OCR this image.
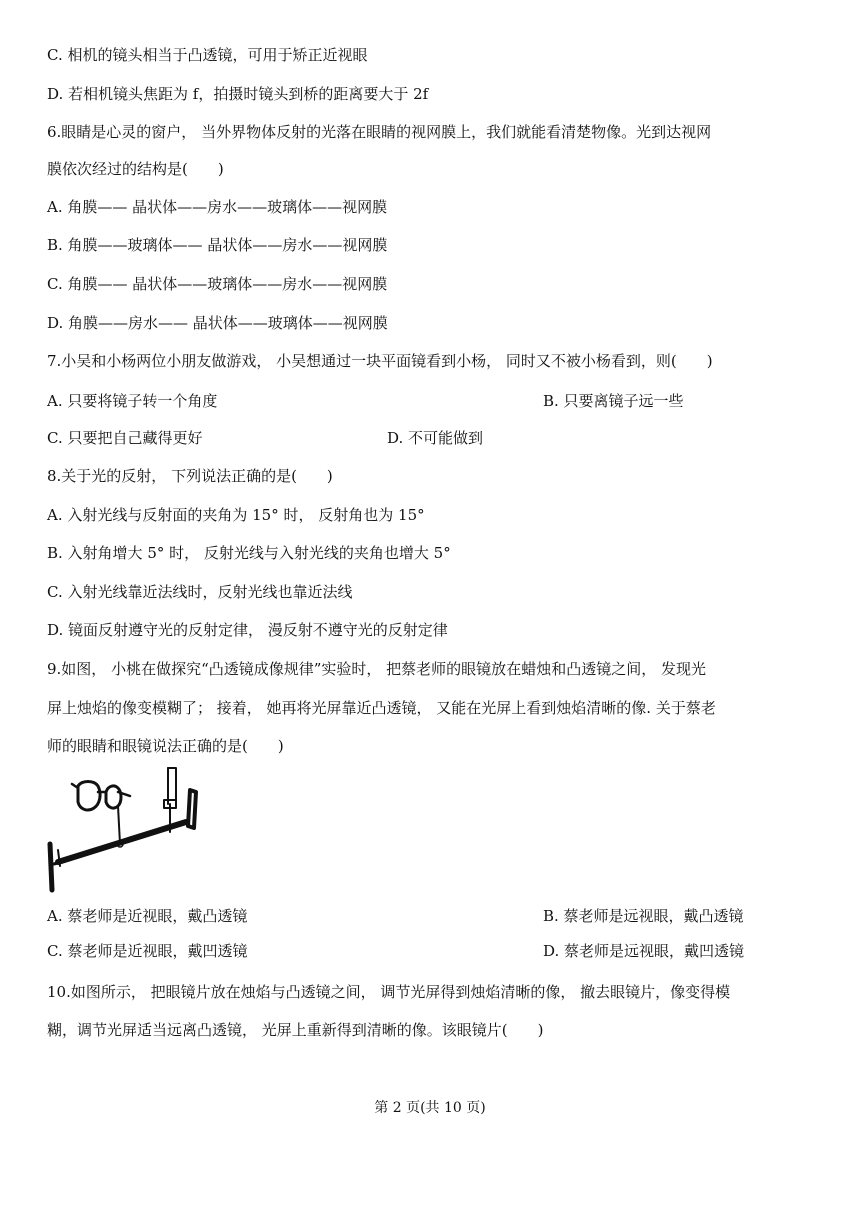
C. 相机的镜头相当于凸透镜，可用于矫正近视眼
D. 若相机镜头焦距为 f，拍摄时镜头到桥的距离要大于 2f
6.眼睛是心灵的窗户， 当外界物体反射的光落在眼睛的视网膜上，我们就能看清楚物像。光到达视网
膜依次经过的结构是(　　)
A. 角膜—— 晶状体——房水——玻璃体——视网膜
B. 角膜——玻璃体—— 晶状体——房水——视网膜
C. 角膜—— 晶状体——玻璃体——房水——视网膜
D. 角膜——房水—— 晶状体——玻璃体——视网膜
7.小吴和小杨两位小朋友做游戏， 小吴想通过一块平面镜看到小杨， 同时又不被小杨看到，则(　　)
A. 只要将镜子转一个角度	B. 只要离镜子远一些
C. 只要把自己藏得更好	D. 不可能做到
8.关于光的反射， 下列说法正确的是(　　)
A. 入射光线与反射面的夹角为 15° 时， 反射角也为 15°
B. 入射角增大 5° 时， 反射光线与入射光线的夹角也增大 5°
C. 入射光线靠近法线时，反射光线也靠近法线
D. 镜面反射遵守光的反射定律， 漫反射不遵守光的反射定律
9.如图， 小桃在做探究“凸透镜成像规律”实验时， 把蔡老师的眼镜放在蜡烛和凸透镜之间， 发现光
屏上烛焰的像变模糊了； 接着， 她再将光屏靠近凸透镜， 又能在光屏上看到烛焰清晰的像. 关于蔡老
师的眼睛和眼镜说法正确的是(　　)
A. 蔡老师是近视眼，戴凸透镜	B. 蔡老师是远视眼，戴凸透镜
C. 蔡老师是近视眼，戴凹透镜	D. 蔡老师是远视眼，戴凹透镜
10.如图所示， 把眼镜片放在烛焰与凸透镜之间， 调节光屏得到烛焰清晰的像， 撤去眼镜片，像变得模
糊，调节光屏适当远离凸透镜， 光屏上重新得到清晰的像。该眼镜片(　　)
第 2 页(共 10 页)
